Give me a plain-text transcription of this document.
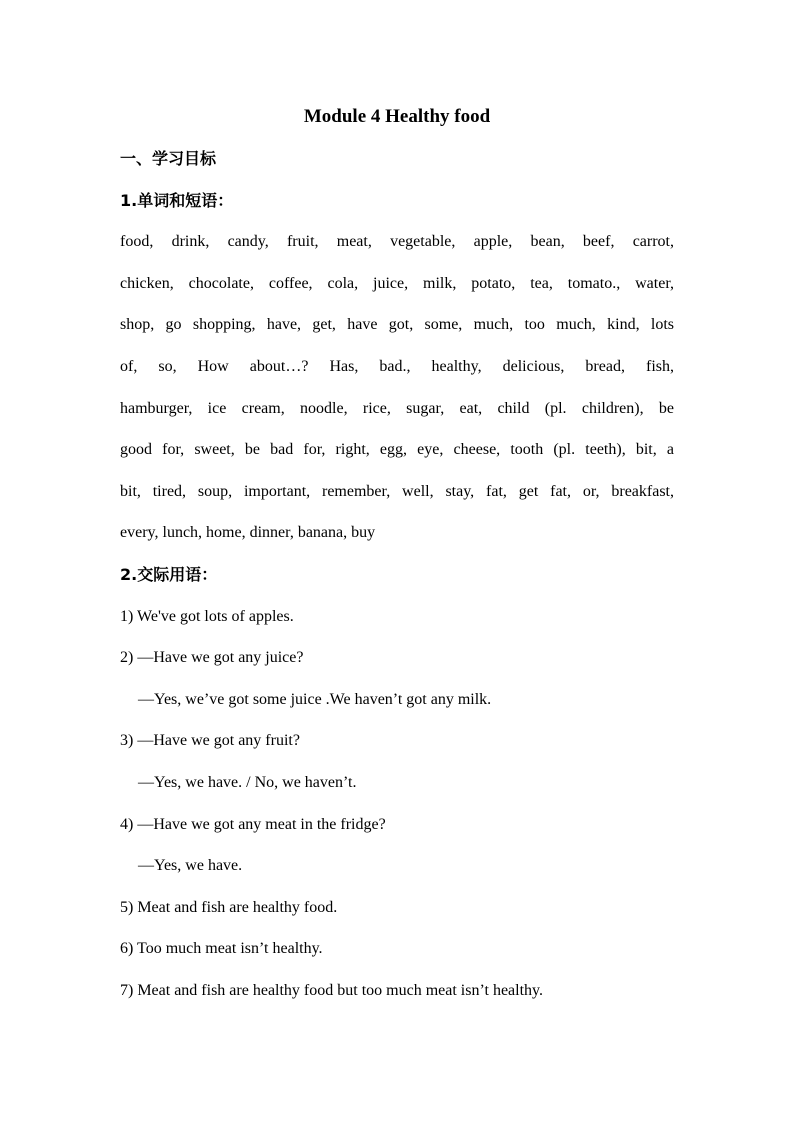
Module 4 Healthy food
一、学习目标
1.单词和短语：
food, drink, candy, fruit, meat, vegetable, apple, bean, beef, carrot,
chicken, chocolate, coffee, cola, juice, milk, potato, tea, tomato., water,
shop, go shopping, have, get, have got, some, much, too much, kind, lots
of, so, How about…? Has, bad., healthy, delicious, bread, fish,
hamburger, ice cream, noodle, rice, sugar, eat, child (pl. children), be
good for, sweet, be bad for, right, egg, eye, cheese, tooth (pl. teeth), bit, a
bit, tired, soup, important, remember, well, stay, fat, get fat, or, breakfast,
every, lunch, home, dinner, banana, buy
2.交际用语：
1) We've got lots of apples.
2) —Have we got any juice?
—Yes, we’ve got some juice .We haven’t got any milk.
3) —Have we got any fruit?
—Yes, we have. / No, we haven’t.
4) —Have we got any meat in the fridge?
—Yes, we have.
5) Meat and fish are healthy food.
6) Too much meat isn’t healthy.
7) Meat and fish are healthy food but too much meat isn’t healthy.
